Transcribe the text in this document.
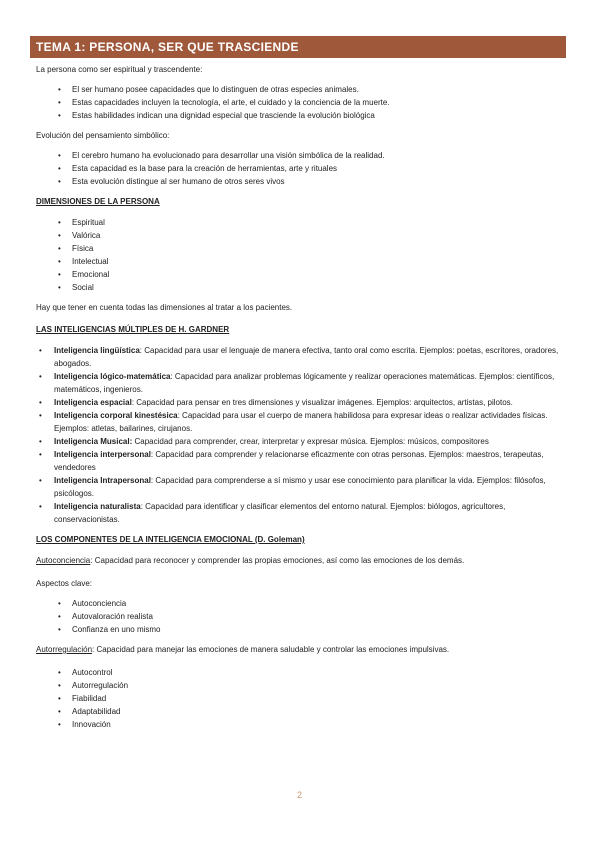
TEMA 1: PERSONA, SER QUE TRASCIENDE

La persona como ser espiritual y trascendente:

• El ser humano posee capacidades que lo distinguen de otras especies animales.
• Estas capacidades incluyen la tecnología, el arte, el cuidado y la conciencia de la muerte.
• Estas habilidades indican una dignidad especial que trasciende la evolución biológica

Evolución del pensamiento simbólico:

• El cerebro humano ha evolucionado para desarrollar una visión simbólica de la realidad.
• Esta capacidad es la base para la creación de herramientas, arte y rituales
• Esta evolución distingue al ser humano de otros seres vivos

DIMENSIONES DE LA PERSONA

• Espiritual
• Valórica
• Física
• Intelectual
• Emocional
• Social

Hay que tener en cuenta todas las dimensiones al tratar a los pacientes.

LAS INTELIGENCIAS MÚLTIPLES DE H. GARDNER

• Inteligencia lingüística: Capacidad para usar el lenguaje de manera efectiva, tanto oral como escrita. Ejemplos: poetas, escritores, oradores, abogados.
• Inteligencia lógico-matemática: Capacidad para analizar problemas lógicamente y realizar operaciones matemáticas. Ejemplos: científicos, matemáticos, ingenieros.
• Inteligencia espacial: Capacidad para pensar en tres dimensiones y visualizar imágenes. Ejemplos: arquitectos, artistas, pilotos.
• Inteligencia corporal kinestésica: Capacidad para usar el cuerpo de manera habilidosa para expresar ideas o realizar actividades físicas. Ejemplos: atletas, bailarines, cirujanos.
• Inteligencia Musical: Capacidad para comprender, crear, interpretar y expresar música. Ejemplos: músicos, compositores
• Inteligencia interpersonal: Capacidad para comprender y relacionarse eficazmente con otras personas. Ejemplos: maestros, terapeutas, vendedores
• Inteligencia Intrapersonal: Capacidad para comprenderse a sí mismo y usar ese conocimiento para planificar la vida. Ejemplos: filósofos, psicólogos.
• Inteligencia naturalista: Capacidad para identificar y clasificar elementos del entorno natural. Ejemplos: biólogos, agricultores, conservacionistas.

LOS COMPONENTES DE LA INTELIGENCIA EMOCIONAL (D. Goleman)

Autoconciencia: Capacidad para reconocer y comprender las propias emociones, así como las emociones de los demás.

Aspectos clave:

• Autoconciencia
• Autovaloración realista
• Confianza en uno mismo

Autorregulación: Capacidad para manejar las emociones de manera saludable y controlar las emociones impulsivas.

• Autocontrol
• Autorregulación
• Fiabilidad
• Adaptabilidad
• Innovación
2
